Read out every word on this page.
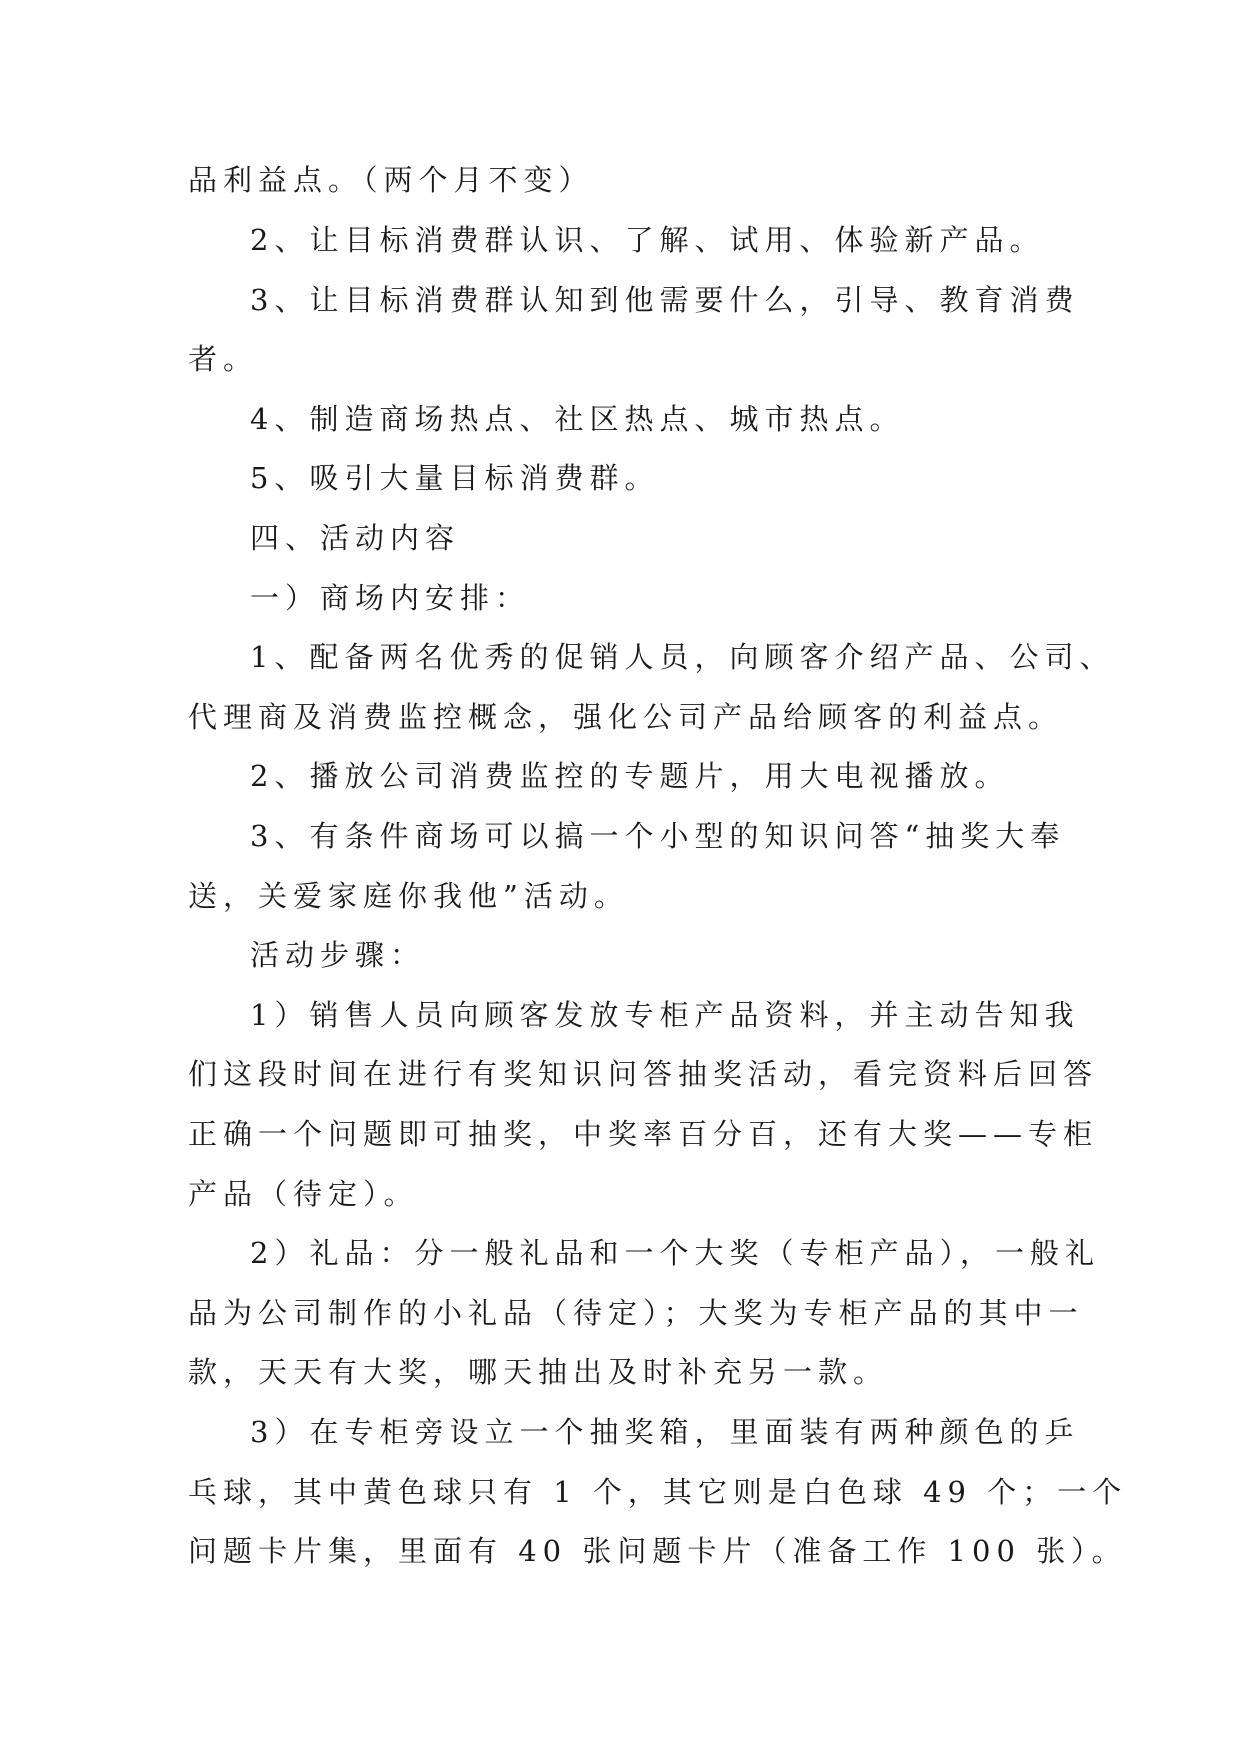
品利益点。（两个月不变）
2、让目标消费群认识、了解、试用、体验新产品。
3、让目标消费群认知到他需要什么，引导、教育消费
者。
4、制造商场热点、社区热点、城市热点。
5、吸引大量目标消费群。
四、活动内容
一）商场内安排：
1、配备两名优秀的促销人员，向顾客介绍产品、公司、
代理商及消费监控概念，强化公司产品给顾客的利益点。
2、播放公司消费监控的专题片，用大电视播放。
3、有条件商场可以搞一个小型的知识问答“抽奖大奉
送，关爱家庭你我他”活动。
活动步骤：
1）销售人员向顾客发放专柜产品资料，并主动告知我
们这段时间在进行有奖知识问答抽奖活动，看完资料后回答
正确一个问题即可抽奖，中奖率百分百，还有大奖——专柜
产品（待定）。
2）礼品：分一般礼品和一个大奖（专柜产品），一般礼
品为公司制作的小礼品（待定）；大奖为专柜产品的其中一
款，天天有大奖，哪天抽出及时补充另一款。
3）在专柜旁设立一个抽奖箱，里面装有两种颜色的乒
乓球，其中黄色球只有 1 个，其它则是白色球 49 个；一个
问题卡片集，里面有 40 张问题卡片（准备工作 100 张）。
